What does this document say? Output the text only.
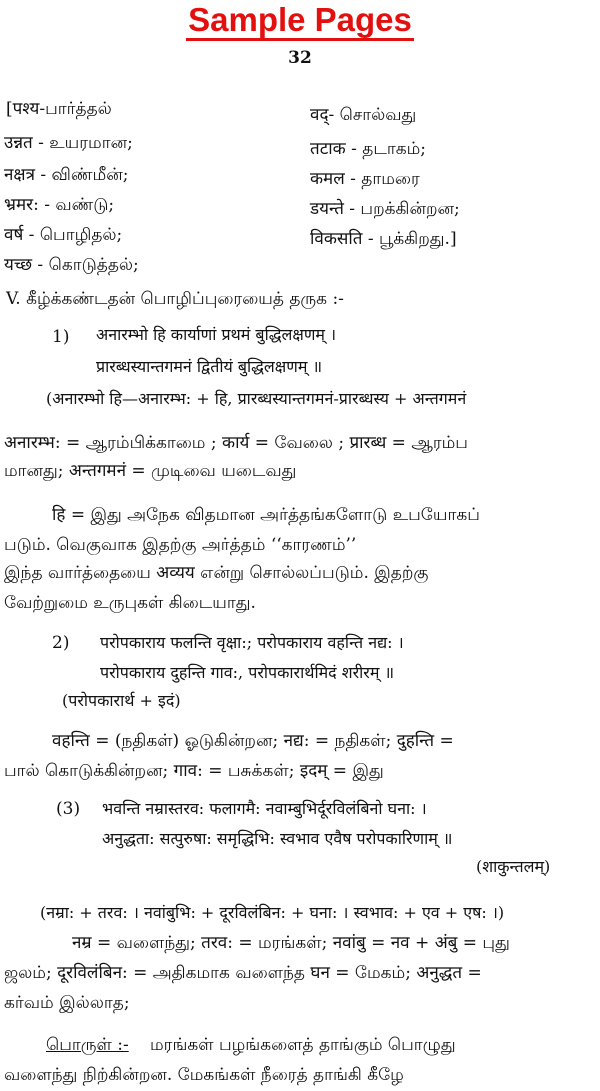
Sample Pages
32
[पश्य-பார்த்தல்
उन्नत - உயரமான;
नक्षत्र - விண்மீன்;
भ्रमर: - வண்டு;
वर्ष - பொழிதல்;
यच्छ - கொடுத்தல்;
वद्- சொல்வது
तटाक - தடாகம்;
कमल - தாமரை
डयन्ते - பறக்கின்றன;
विकसति - பூக்கிறது.]
V. கீழ்க்கண்டதன் பொழிப்புரையைத் தருக :-
1) अनारम्भो हि कार्याणां प्रथमं बुद्धिलक्षणम् ।
प्रारब्धस्यान्तगमनं द्वितीयं बुद्धिलक्षणम् ॥
(अनारम्भो हि—अनारम्भ: + हि, प्रारब्धस्यान्तगमनं-प्रारब्धस्य + अन्तगमनं
अनारम्भ: = ஆரம்பிக்காமை ; कार्य = வேலை ; प्रारब्ध = ஆரம்ப
மானது; अन्तगमनं = முடிவை யடைவது
हि = இது அநேக விதமான அர்த்தங்களோடு உபயோகப்
படும். வெகுவாக இதற்கு அர்த்தம் ‘‘காரணம்’’
இந்த வார்த்தையை अव्यय என்று சொல்லப்படும். இதற்கு
வேற்றுமை உருபுகள் கிடையாது.
2) परोपकाराय फलन्ति वृक्षा:; परोपकाराय वहन्ति नद्य: ।
परोपकाराय दुहन्ति गाव:, परोपकारार्थमिदं शरीरम् ॥
(परोपकारार्थ + इदं)
वहन्ति = (நதிகள்) ஓடுகின்றன; नद्य: = நதிகள்; दुहन्ति =
பால் கொடுக்கின்றன; गाव: = பசுக்கள்; इदम् = இது
(3) भवन्ति नम्रास्तरव: फलागमै: नवाम्बुभिर्दूरविलंबिनो घना: ।
अनुद्धता: सत्पुरुषा: समृद्धिभि: स्वभाव एवैष परोपकारिणाम् ॥
(शाकुन्तलम्)
(नम्रा: + तरव: । नवांबुभि: + दूरविलंबिन: + घना: । स्वभाव: + एव + एष: ।)
नम्र = வளைந்து; तरव: = மரங்கள்; नवांबु = नव + अंबु = புது
ஜலம்; दूरविलंबिन: = அதிகமாக வளைந்த घन = மேகம்; अनुद्धत =
கர்வம் இல்லாத;
பொருள் :- மரங்கள் பழங்களைத் தாங்கும் பொழுது
வளைந்து நிற்கின்றன. மேகங்கள் நீரைத் தாங்கி கீழே
